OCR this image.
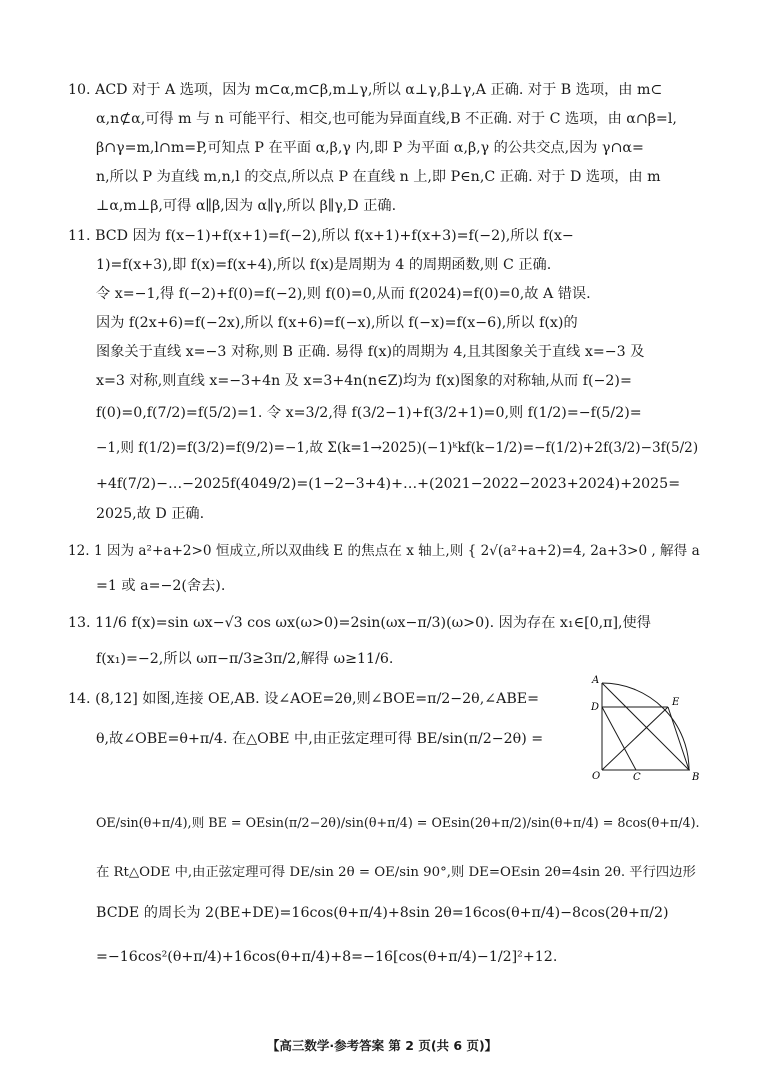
10. ACD 对于 A 选项，因为 m⊂α,m⊂β,m⊥γ,所以 α⊥γ,β⊥γ,A 正确. 对于 B 选项，由 m⊂
α,n⊄α,可得 m 与 n 可能平行、相交,也可能为异面直线,B 不正确. 对于 C 选项，由 α∩β=l,
β∩γ=m,l∩m=P,可知点 P 在平面 α,β,γ 内,即 P 为平面 α,β,γ 的公共交点,因为 γ∩α=
n,所以 P 为直线 m,n,l 的交点,所以点 P 在直线 n 上,即 P∈n,C 正确. 对于 D 选项，由 m
⊥α,m⊥β,可得 α∥β,因为 α∥γ,所以 β∥γ,D 正确.
11. BCD 因为 f(x−1)+f(x+1)=f(−2),所以 f(x+1)+f(x+3)=f(−2),所以 f(x−
1)=f(x+3),即 f(x)=f(x+4),所以 f(x)是周期为 4 的周期函数,则 C 正确.
令 x=−1,得 f(−2)+f(0)=f(−2),则 f(0)=0,从而 f(2024)=f(0)=0,故 A 错误.
因为 f(2x+6)=f(−2x),所以 f(x+6)=f(−x),所以 f(−x)=f(x−6),所以 f(x)的
图象关于直线 x=−3 对称,则 B 正确. 易得 f(x)的周期为 4,且其图象关于直线 x=−3 及
x=3 对称,则直线 x=−3+4n 及 x=3+4n(n∈Z)均为 f(x)图象的对称轴,从而 f(−2)=
f(0)=0,f(7/2)=f(5/2)=1. 令 x=3/2,得 f(3/2−1)+f(3/2+1)=0,则 f(1/2)=−f(5/2)=
−1,则 f(1/2)=f(3/2)=f(9/2)=−1,故 Σ(k=1→2025)(−1)ᵏkf(k−1/2)=−f(1/2)+2f(3/2)−3f(5/2)
+4f(7/2)−…−2025f(4049/2)=(1−2−3+4)+…+(2021−2022−2023+2024)+2025=
2025,故 D 正确.
12. 1 因为 a²+a+2>0 恒成立,所以双曲线 E 的焦点在 x 轴上,则 { 2√(a²+a+2)=4, 2a+3>0 , 解得 a
=1 或 a=−2(舍去).
13. 11/6 f(x)=sin ωx−√3 cos ωx(ω>0)=2sin(ωx−π/3)(ω>0). 因为存在 x₁∈[0,π],使得
f(x₁)=−2,所以 ωπ−π/3≥3π/2,解得 ω≥11/6.
14. (8,12] 如图,连接 OE,AB. 设∠AOE=2θ,则∠BOE=π/2−2θ,∠ABE=
θ,故∠OBE=θ+π/4. 在△OBE 中,由正弦定理可得 BE/sin(π/2−2θ) =
OE/sin(θ+π/4),则 BE = OEsin(π/2−2θ)/sin(θ+π/4) = OEsin(2θ+π/2)/sin(θ+π/4) = 8cos(θ+π/4).
在 Rt△ODE 中,由正弦定理可得 DE/sin 2θ = OE/sin 90°,则 DE=OEsin 2θ=4sin 2θ. 平行四边形
BCDE 的周长为 2(BE+DE)=16cos(θ+π/4)+8sin 2θ=16cos(θ+π/4)−8cos(2θ+π/2)
=−16cos²(θ+π/4)+16cos(θ+π/4)+8=−16[cos(θ+π/4)−1/2]²+12.
A
D	E
O	C	B
【高三数学·参考答案 第 2 页(共 6 页)】
